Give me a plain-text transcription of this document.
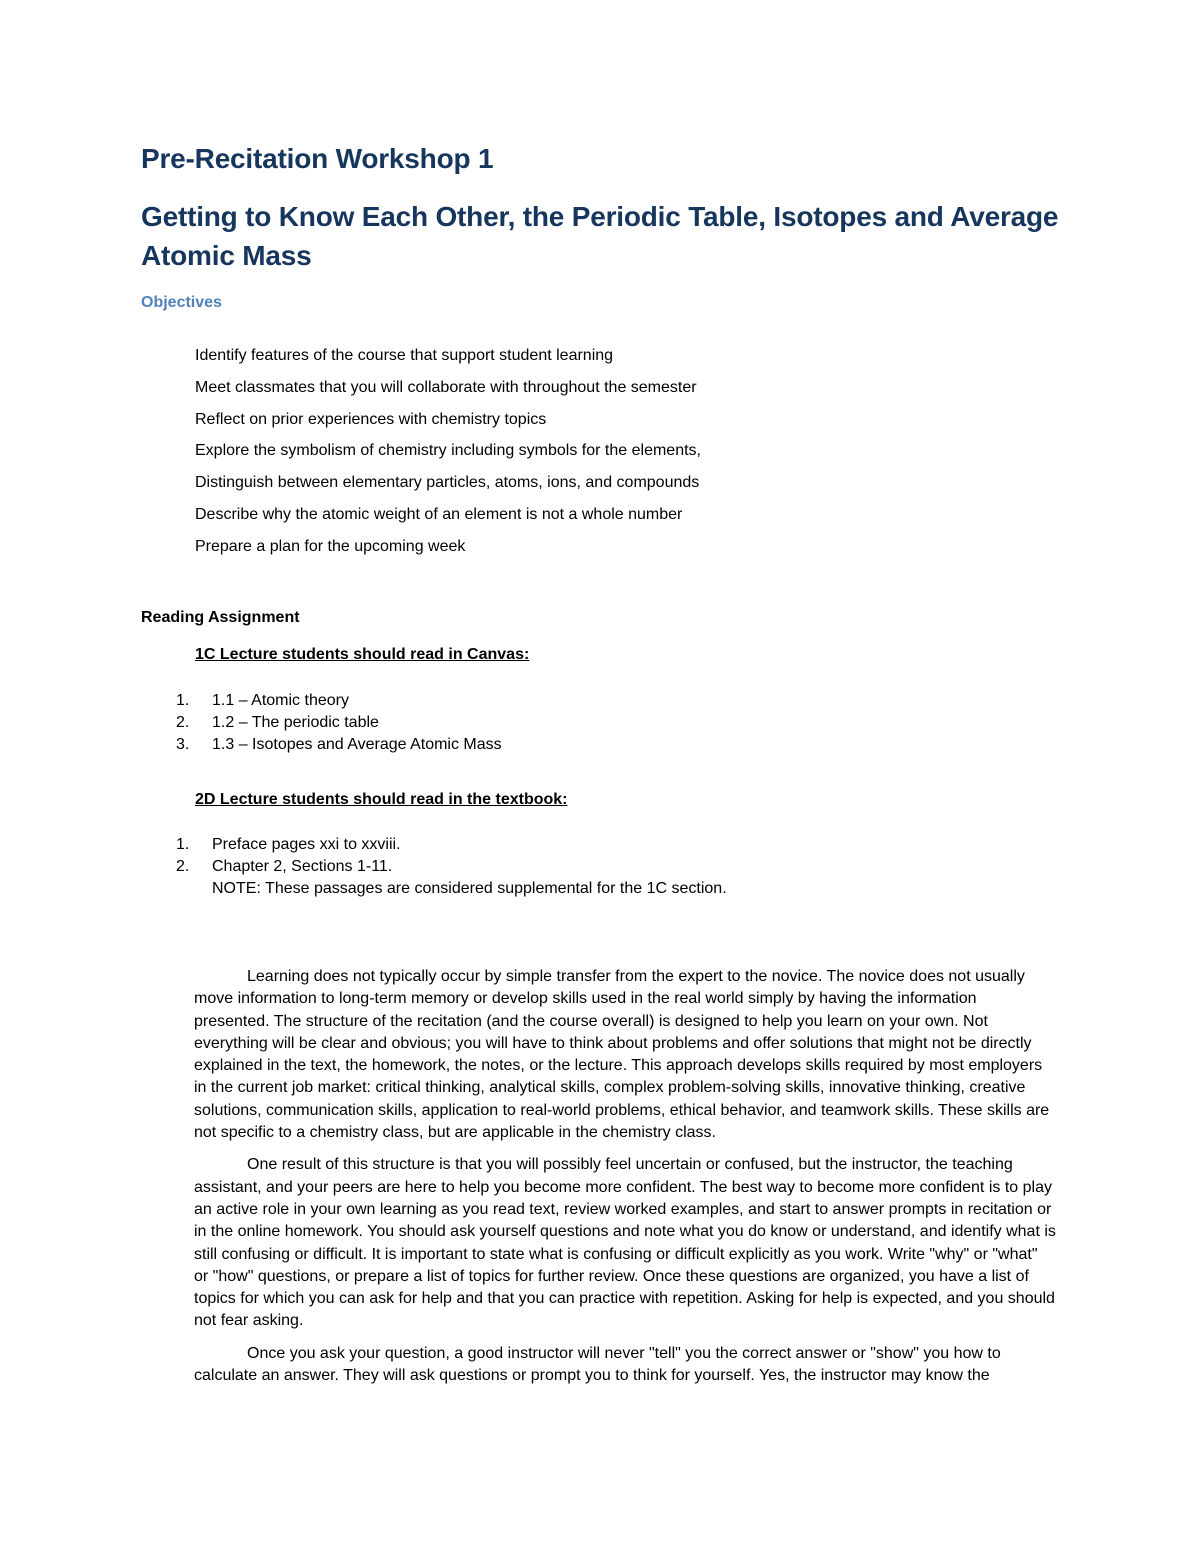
Pre-Recitation Workshop 1
Getting to Know Each Other, the Periodic Table, Isotopes and Average Atomic Mass
Objectives
Identify features of the course that support student learning
Meet classmates that you will collaborate with throughout the semester
Reflect on prior experiences with chemistry topics
Explore the symbolism of chemistry including symbols for the elements,
Distinguish between elementary particles, atoms, ions, and compounds
Describe why the atomic weight of an element is not a whole number
Prepare a plan for the upcoming week
Reading Assignment
1C Lecture students should read in Canvas:
1. 1.1 – Atomic theory
2. 1.2 – The periodic table
3. 1.3 – Isotopes and Average Atomic Mass
2D Lecture students should read in the textbook:
1. Preface pages xxi to xxviii.
2. Chapter 2, Sections 1-11.
NOTE: These passages are considered supplemental for the 1C section.

Learning does not typically occur by simple transfer from the expert to the novice. The novice does not usually move information to long-term memory or develop skills used in the real world simply by having the information presented. The structure of the recitation (and the course overall) is designed to help you learn on your own. Not everything will be clear and obvious; you will have to think about problems and offer solutions that might not be directly explained in the text, the homework, the notes, or the lecture. This approach develops skills required by most employers in the current job market: critical thinking, analytical skills, complex problem-solving skills, innovative thinking, creative solutions, communication skills, application to real-world problems, ethical behavior, and teamwork skills. These skills are not specific to a chemistry class, but are applicable in the chemistry class.

One result of this structure is that you will possibly feel uncertain or confused, but the instructor, the teaching assistant, and your peers are here to help you become more confident. The best way to become more confident is to play an active role in your own learning as you read text, review worked examples, and start to answer prompts in recitation or in the online homework. You should ask yourself questions and note what you do know or understand, and identify what is still confusing or difficult. It is important to state what is confusing or difficult explicitly as you work. Write "why" or "what" or "how" questions, or prepare a list of topics for further review. Once these questions are organized, you have a list of topics for which you can ask for help and that you can practice with repetition. Asking for help is expected, and you should not fear asking.

Once you ask your question, a good instructor will never "tell" you the correct answer or "show" you how to calculate an answer. They will ask questions or prompt you to think for yourself. Yes, the instructor may know the
